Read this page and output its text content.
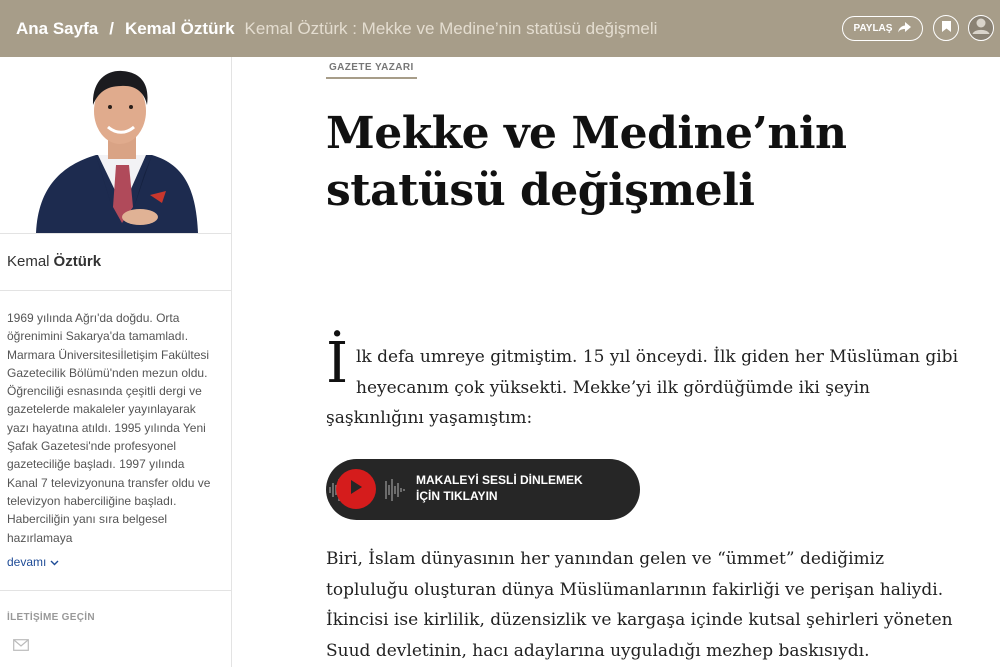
Ana Sayfa / Kemal Öztürk Kemal Öztürk : Mekke ve Medine’nin statüsü değişmeli	PAYLAŞ
Kemal Öztürk
1969 yılında Ağrı'da doğdu. Orta
öğrenimini Sakarya'da tamamladı.
Marmara Üniversitesiİletişim Fakültesi
Gazetecilik Bölümü'nden mezun oldu.
Öğrenciliği esnasında çeşitli dergi ve
gazetelerde makaleler yayınlayarak
yazı hayatına atıldı. 1995 yılında Yeni
Şafak Gazetesi'nde profesyonel
gazeteciliğe başladı. 1997 yılında
Kanal 7 televizyonuna transfer oldu ve
televizyon haberciliğine başladı.
Haberciliğin yanı sıra belgesel
hazırlamaya
devamı
İLETİŞİME GEÇİN
GAZETE YAZARI
Mekke ve Medine’nin
statüsü değişmeli
İ lk defa umreye gitmiştim. 15 yıl önceydi. İlk giden her Müslüman gibi
heyecanım çok yüksekti. Mekke’yi ilk gördüğümde iki şeyin
şaşkınlığını yaşamıştım:
MAKALEYİ SESLİ DİNLEMEK
İÇİN TIKLAYIN
Biri, İslam dünyasının her yanından gelen ve “ümmet” dediğimiz
topluluğu oluşturan dünya Müslümanlarının fakirliği ve perişan haliydi.
İkincisi ise kirlilik, düzensizlik ve kargaşa içinde kutsal şehirleri yöneten
Suud devletinin, hacı adaylarına uyguladığı mezhep baskısıydı.
